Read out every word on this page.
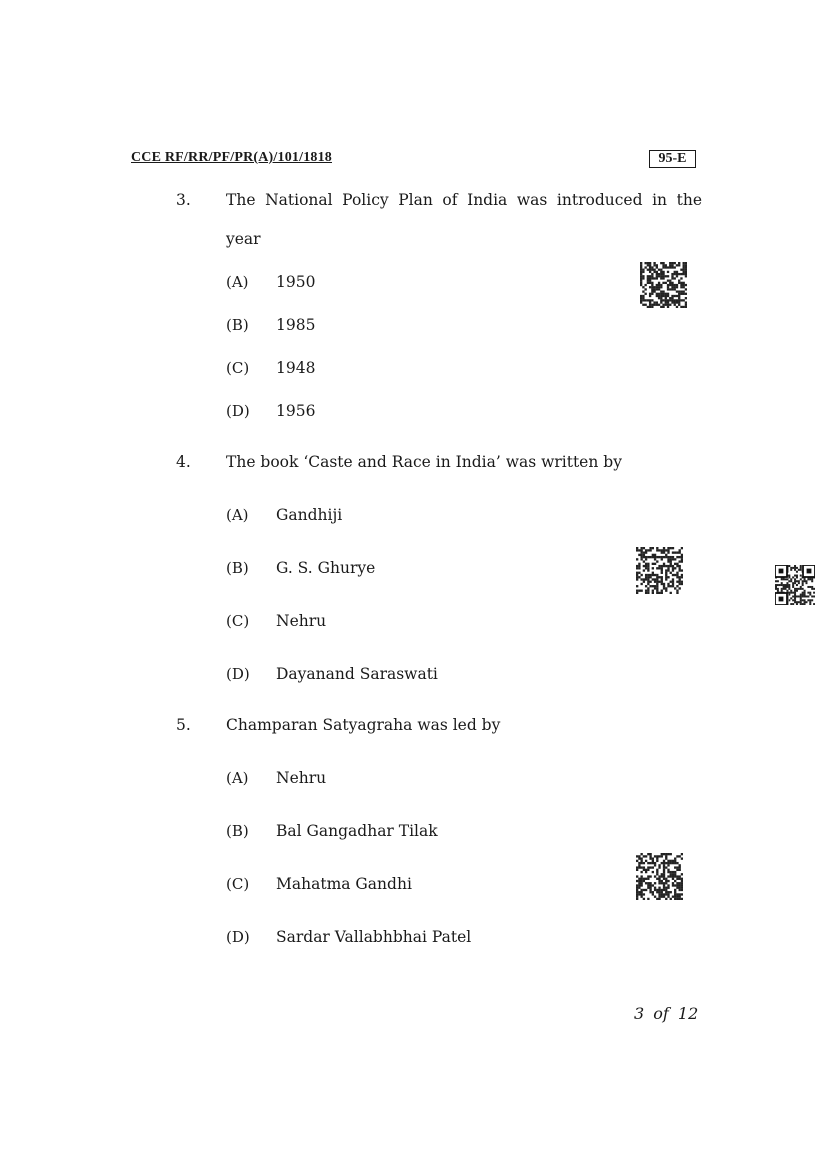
CCE RF/RR/PF/PR(A)/101/1818	95-E
3. The National Policy Plan of India was introduced in the
year
(A) 1950
(B) 1985
(C) 1948
(D) 1956
4. The book ‘Caste and Race in India’ was written by
(A) Gandhiji
(B) G. S. Ghurye
(C) Nehru
(D) Dayanand Saraswati
5. Champaran Satyagraha was led by
(A) Nehru
(B) Bal Gangadhar Tilak
(C) Mahatma Gandhi
(D) Sardar Vallabhbhai Patel
3 of 12
